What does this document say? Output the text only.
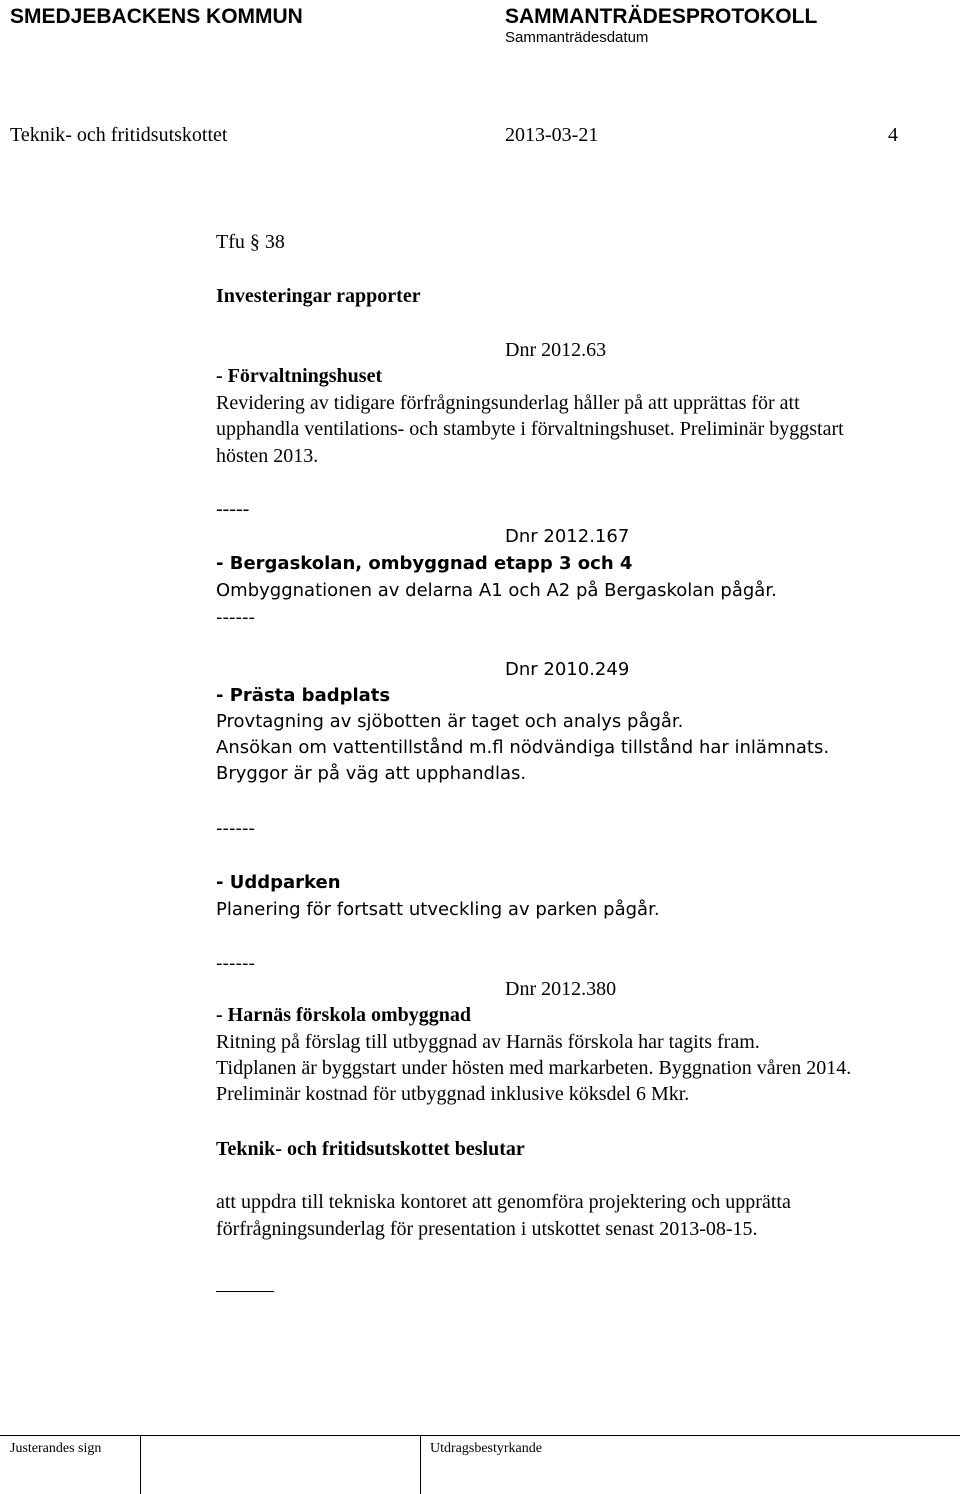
SMEDJEBACKENS KOMMUN	SAMMANTRÄDESPROTOKOLL
Sammanträdesdatum
Teknik- och fritidsutskottet	2013-03-21	4
Tfu § 38
Investeringar rapporter
Dnr 2012.63
- Förvaltningshuset
Revidering av tidigare förfrågningsunderlag håller på att upprättas för att
upphandla ventilations- och stambyte i förvaltningshuset. Preliminär byggstart
hösten 2013.
-----
Dnr 2012.167
- Bergaskolan, ombyggnad etapp 3 och 4
Ombyggnationen av delarna A1 och A2 på Bergaskolan pågår.
------
Dnr 2010.249
- Prästa badplats
Provtagning av sjöbotten är taget och analys pågår.
Ansökan om vattentillstånd m.fl nödvändiga tillstånd har inlämnats.
Bryggor är på väg att upphandlas.
------
- Uddparken
Planering för fortsatt utveckling av parken pågår.
------
Dnr 2012.380
- Harnäs förskola ombyggnad
Ritning på förslag till utbyggnad av Harnäs förskola har tagits fram.
Tidplanen är byggstart under hösten med markarbeten. Byggnation våren 2014.
Preliminär kostnad för utbyggnad inklusive köksdel 6 Mkr.
Teknik- och fritidsutskottet beslutar
att uppdra till tekniska kontoret att genomföra projektering och upprätta
förfrågningsunderlag för presentation i utskottet senast 2013-08-15.
Justerandes sign	Utdragsbestyrkande
